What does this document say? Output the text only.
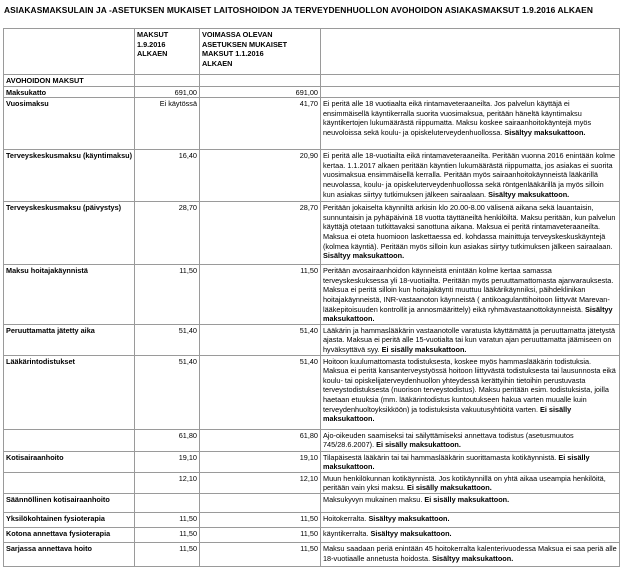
ASIAKASMAKSULAIN JA -ASETUKSEN MUKAISET LAITOSHOIDON JA TERVEYDENHUOLLON AVOHOIDON ASIAKASMAKSUT 1.9.2016 ALKAEN

	MAKSUT
1.9.2016
ALKAEN	VOIMASSA OLEVAN
ASETUKSEN MUKAISET
MAKSUT 1.1.2016
ALKAEN	

AVOHOIDON MAKSUT			
Maksukatto	691,00	691,00	
Vuosimaksu	Ei käytössä	41,70	Ei peritä alle 18 vuotiaalta eikä rintamaveteraaneilta. Jos palvelun käyttäjä ei ensimmäisellä käyntikerralla suorita vuosimaksua, peritään häneltä käyntimaksu käyntikertojen lukumäärästä riippumatta. Maksu koskee sairaanhoitokäyntejä myös neuvoloissa sekä koulu- ja opiskeluterveydenhuollossa. Sisältyy maksukattoon.
Terveyskeskusmaksu (käyntimaksu)	16,40	20,90	Ei peritä alle 18-vuotiailta eikä rintamaveteraaneilta. Peritään vuonna 2016 enintään kolme kertaa. 1.1.2017 alkaen peritään käyntien lukumäärästä riippumatta, jos asiakas ei suorita vuosimaksua ensimmäisellä kerralla. Peritään myös sairaanhoitokäynneistä lääkärillä neuvolassa, koulu- ja opiskeluterveydenhuollossa sekä röntgenlääkärillä ja myös silloin kun asiakas siirtyy tutkimuksen jälkeen sairaalaan. Sisältyy maksukattoon.
Terveyskeskusmaksu (päivystys)	28,70	28,70	Peritään jokaiselta käynniltä arkisin klo 20.00-8.00 välisenä aikana sekä lauantaisin, sunnuntaisin ja pyhäpäivinä 18 vuotta täyttäneiltä henkilöiltä. Maksu peritään, kun palvelun käyttäjä otetaan tutkittavaksi sanottuna aikana. Maksua ei peritä rintamaveteraaneilta. Maksua ei oteta huomioon laskettaessa ed. kohdassa mainittuja terveyskeskuskäyntejä (kolmea käyntiä). Peritään myös silloin kun asiakas siirtyy tutkimuksen jälkeen sairaalaan. Sisältyy maksukattoon.
Maksu hoitajakäynnistä	11,50	11,50	Peritään avosairaanhoidon käynneistä enintään kolme kertaa samassa terveyskeskuksessa yli 18-vuotiailta. Peritään myös peruuttamattomasta ajanvarauksesta. Maksua ei peritä silloin kun hoitajakäynti muuttuu lääkärikäynniksi, päihdeklinikan hoitajakäynneistä, INR-vastaanoton käynneistä ( antikoagulanttihoitoon liittyvät Marevan-lääkepitoisuuden kontrollit ja annosmäärittely) eikä ryhmävastaanottokäynneistä. Sisältyy maksukattoon.
Peruuttamatta jätetty aika	51,40	51,40	Lääkärin ja hammaslääkärin vastaanotolle varatusta käyttämättä ja peruuttamatta jätetystä ajasta. Maksua ei peritä alle 15-vuotialta tai kun varatun ajan peruuttamatta jäämiseen on hyväksyttävä syy. Ei sisälly maksukattoon.
Lääkärintodistukset	51,40	51,40	Hoitoon kuulumattomasta todistuksesta, koskee myös hammaslääkärin todistuksia. Maksua ei peritä kansanterveystyössä hoitoon liittyvästä todistuksesta tai lausunnosta eikä koulu- tai opiskelijaterveydenhuollon yhteydessä kerättyihin tietoihin perustuvasta terveystodistuksesta (nuorison terveystodistus). Maksu peritään esim. todistuksista, joilla haetaan etuuksia (mm. lääkärintodistus kuntoutukseen hakua varten muualle kuin terveydenhuoltoyksikköön) ja todistuksista vakuutusyhtiöitä varten. Ei sisälly maksukattoon.
	61,80	61,80	Ajo-oikeuden saamiseksi tai säilyttämiseksi annettava todistus (asetusmuutos 745/28.6.2007). Ei sisälly maksukattoon.
Kotisairaanhoito	19,10	19,10	Tilapäisestä lääkärin tai tai hammaslääkärin suorittamasta kotikäynnistä. Ei sisälly maksukattoon.
	12,10	12,10	Muun henkilökunnan kotikäynnistä. Jos kotikäynnillä on yhtä aikaa useampia henkilöitä, peritään vain yksi maksu. Ei sisälly maksukattoon.
Säännöllinen kotisairaanhoito			Maksukyvyn mukainen maksu. Ei sisälly maksukattoon.
Yksilökohtainen fysioterapia	11,50	11,50	Hoitokerralta. Sisältyy maksukattoon.
Kotona annettava fysioterapia	11,50	11,50	käyntikerralta. Sisältyy maksukattoon.
Sarjassa annettava hoito	11,50	11,50	Maksu saadaan periä enintään 45 hoitokerralta kalenterivuodessa Maksua ei saa periä alle 18-vuotiaalle annetusta hoidosta. Sisältyy maksukattoon.
